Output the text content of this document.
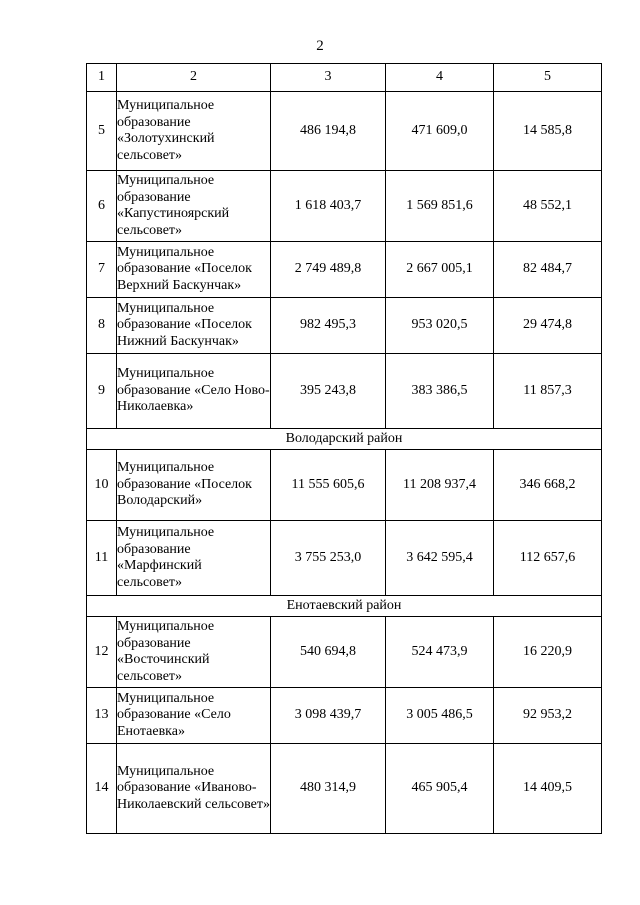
2
1	2	3	4	5
5	Муниципальное образование «Золотухинский сельсовет»	486 194,8	471 609,0	14 585,8
6	Муниципальное образование «Капустиноярский сельсовет»	1 618 403,7	1 569 851,6	48 552,1
7	Муниципальное образование «Поселок Верхний Баскунчак»	2 749 489,8	2 667 005,1	82 484,7
8	Муниципальное образование «Поселок Нижний Баскунчак»	982 495,3	953 020,5	29 474,8
9	Муниципальное образование «Село Ново-Николаевка»	395 243,8	383 386,5	11 857,3
Володарский район				
10	Муниципальное образование «Поселок Володарский»	11 555 605,6	11 208 937,4	346 668,2
11	Муниципальное образование «Марфинский сельсовет»	3 755 253,0	3 642 595,4	112 657,6
Енотаевский район				
12	Муниципальное образование «Восточинский сельсовет»	540 694,8	524 473,9	16 220,9
13	Муниципальное образование «Село Енотаевка»	3 098 439,7	3 005 486,5	92 953,2
14	Муниципальное образование «Иваново-Николаевский сельсовет»	480 314,9	465 905,4	14 409,5
